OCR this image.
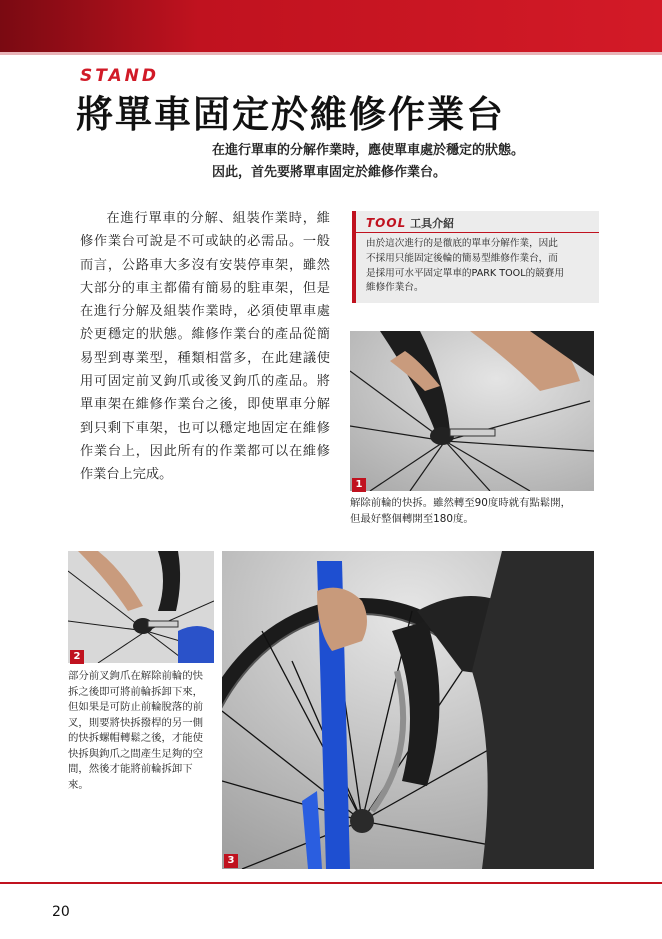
STAND
將單車固定於維修作業台
在進行單車的分解作業時，應使單車處於穩定的狀態。
因此，首先要將單車固定於維修作業台。
在進行單車的分解、組裝作業時，維修作業台可說是不可或缺的必需品。一般而言，公路車大多沒有安裝停車架，雖然大部分的車主都備有簡易的駐車架，但是在進行分解及組裝作業時，必須使單車處於更穩定的狀態。維修作業台的產品從簡易型到專業型，種類相當多，在此建議使用可固定前叉鉤爪或後叉鉤爪的產品。將單車架在維修作業台之後，即使單車分解到只剩下車架，也可以穩定地固定在維修作業台上，因此所有的作業都可以在維修作業台上完成。
TOOL 工具介紹
由於這次進行的是徹底的單車分解作業，因此
不採用只能固定後輪的簡易型維修作業台，而
是採用可水平固定單車的PARK TOOL的競賽用
維修作業台。
1
解除前輪的快拆。雖然轉至90度時就有點鬆開，
但最好整個轉開至180度。
2
部分前叉鉤爪在解除前輪的快
拆之後即可將前輪拆卸下來，
但如果是可防止前輪脫落的前
叉，則要將快拆撥桿的另一側
的快拆螺帽轉鬆之後，才能使
快拆與鉤爪之間產生足夠的空
間，然後才能將前輪拆卸下
來。
3
20
